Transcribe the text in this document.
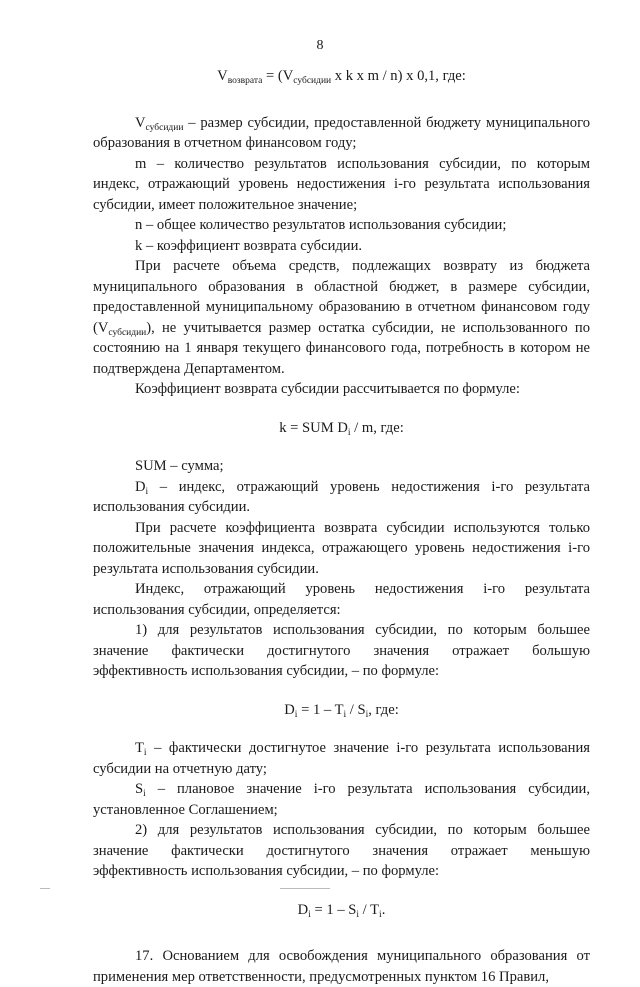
8

$V_{возврата} = (V_{субсидии}$ x k x m / n) x 0,1, где:

$V_{субсидии}$ – размер субсидии, предоставленной бюджету муниципального образования в отчетном финансовом году;

m – количество результатов использования субсидии, по которым индекс, отражающий уровень недостижения i-го результата использования субсидии, имеет положительное значение;

n – общее количество результатов использования субсидии;

k – коэффициент возврата субсидии.

При расчете объема средств, подлежащих возврату из бюджета муниципального образования в областной бюджет, в размере субсидии, предоставленной муниципальному образованию в отчетном финансовом году $(V_{субсидии})$, не учитывается размер остатка субсидии, не использованного по состоянию на 1 января текущего финансового года, потребность в котором не подтверждена Департаментом.

Коэффициент возврата субсидии рассчитывается по формуле:

k = SUM $D_i$ / m, где:

SUM – сумма;

$D_i$ – индекс, отражающий уровень недостижения i-го результата использования субсидии.

При расчете коэффициента возврата субсидии используются только положительные значения индекса, отражающего уровень недостижения i-го результата использования субсидии.

Индекс, отражающий уровень недостижения i-го результата использования субсидии, определяется:

1) для результатов использования субсидии, по которым большее значение фактически достигнутого значения отражает большую эффективность использования субсидии, – по формуле:

$D_i = 1 - T_i / S_i$, где:

$T_i$ – фактически достигнутое значение i-го результата использования субсидии на отчетную дату;

$S_i$ – плановое значение i-го результата использования субсидии, установленное Соглашением;

2) для результатов использования субсидии, по которым большее значение фактически достигнутого значения отражает меньшую эффективность использования субсидии, – по формуле:

$D_i = 1 - S_i / T_i$.

17. Основанием для освобождения муниципального образования от применения мер ответственности, предусмотренных пунктом 16 Правил,
